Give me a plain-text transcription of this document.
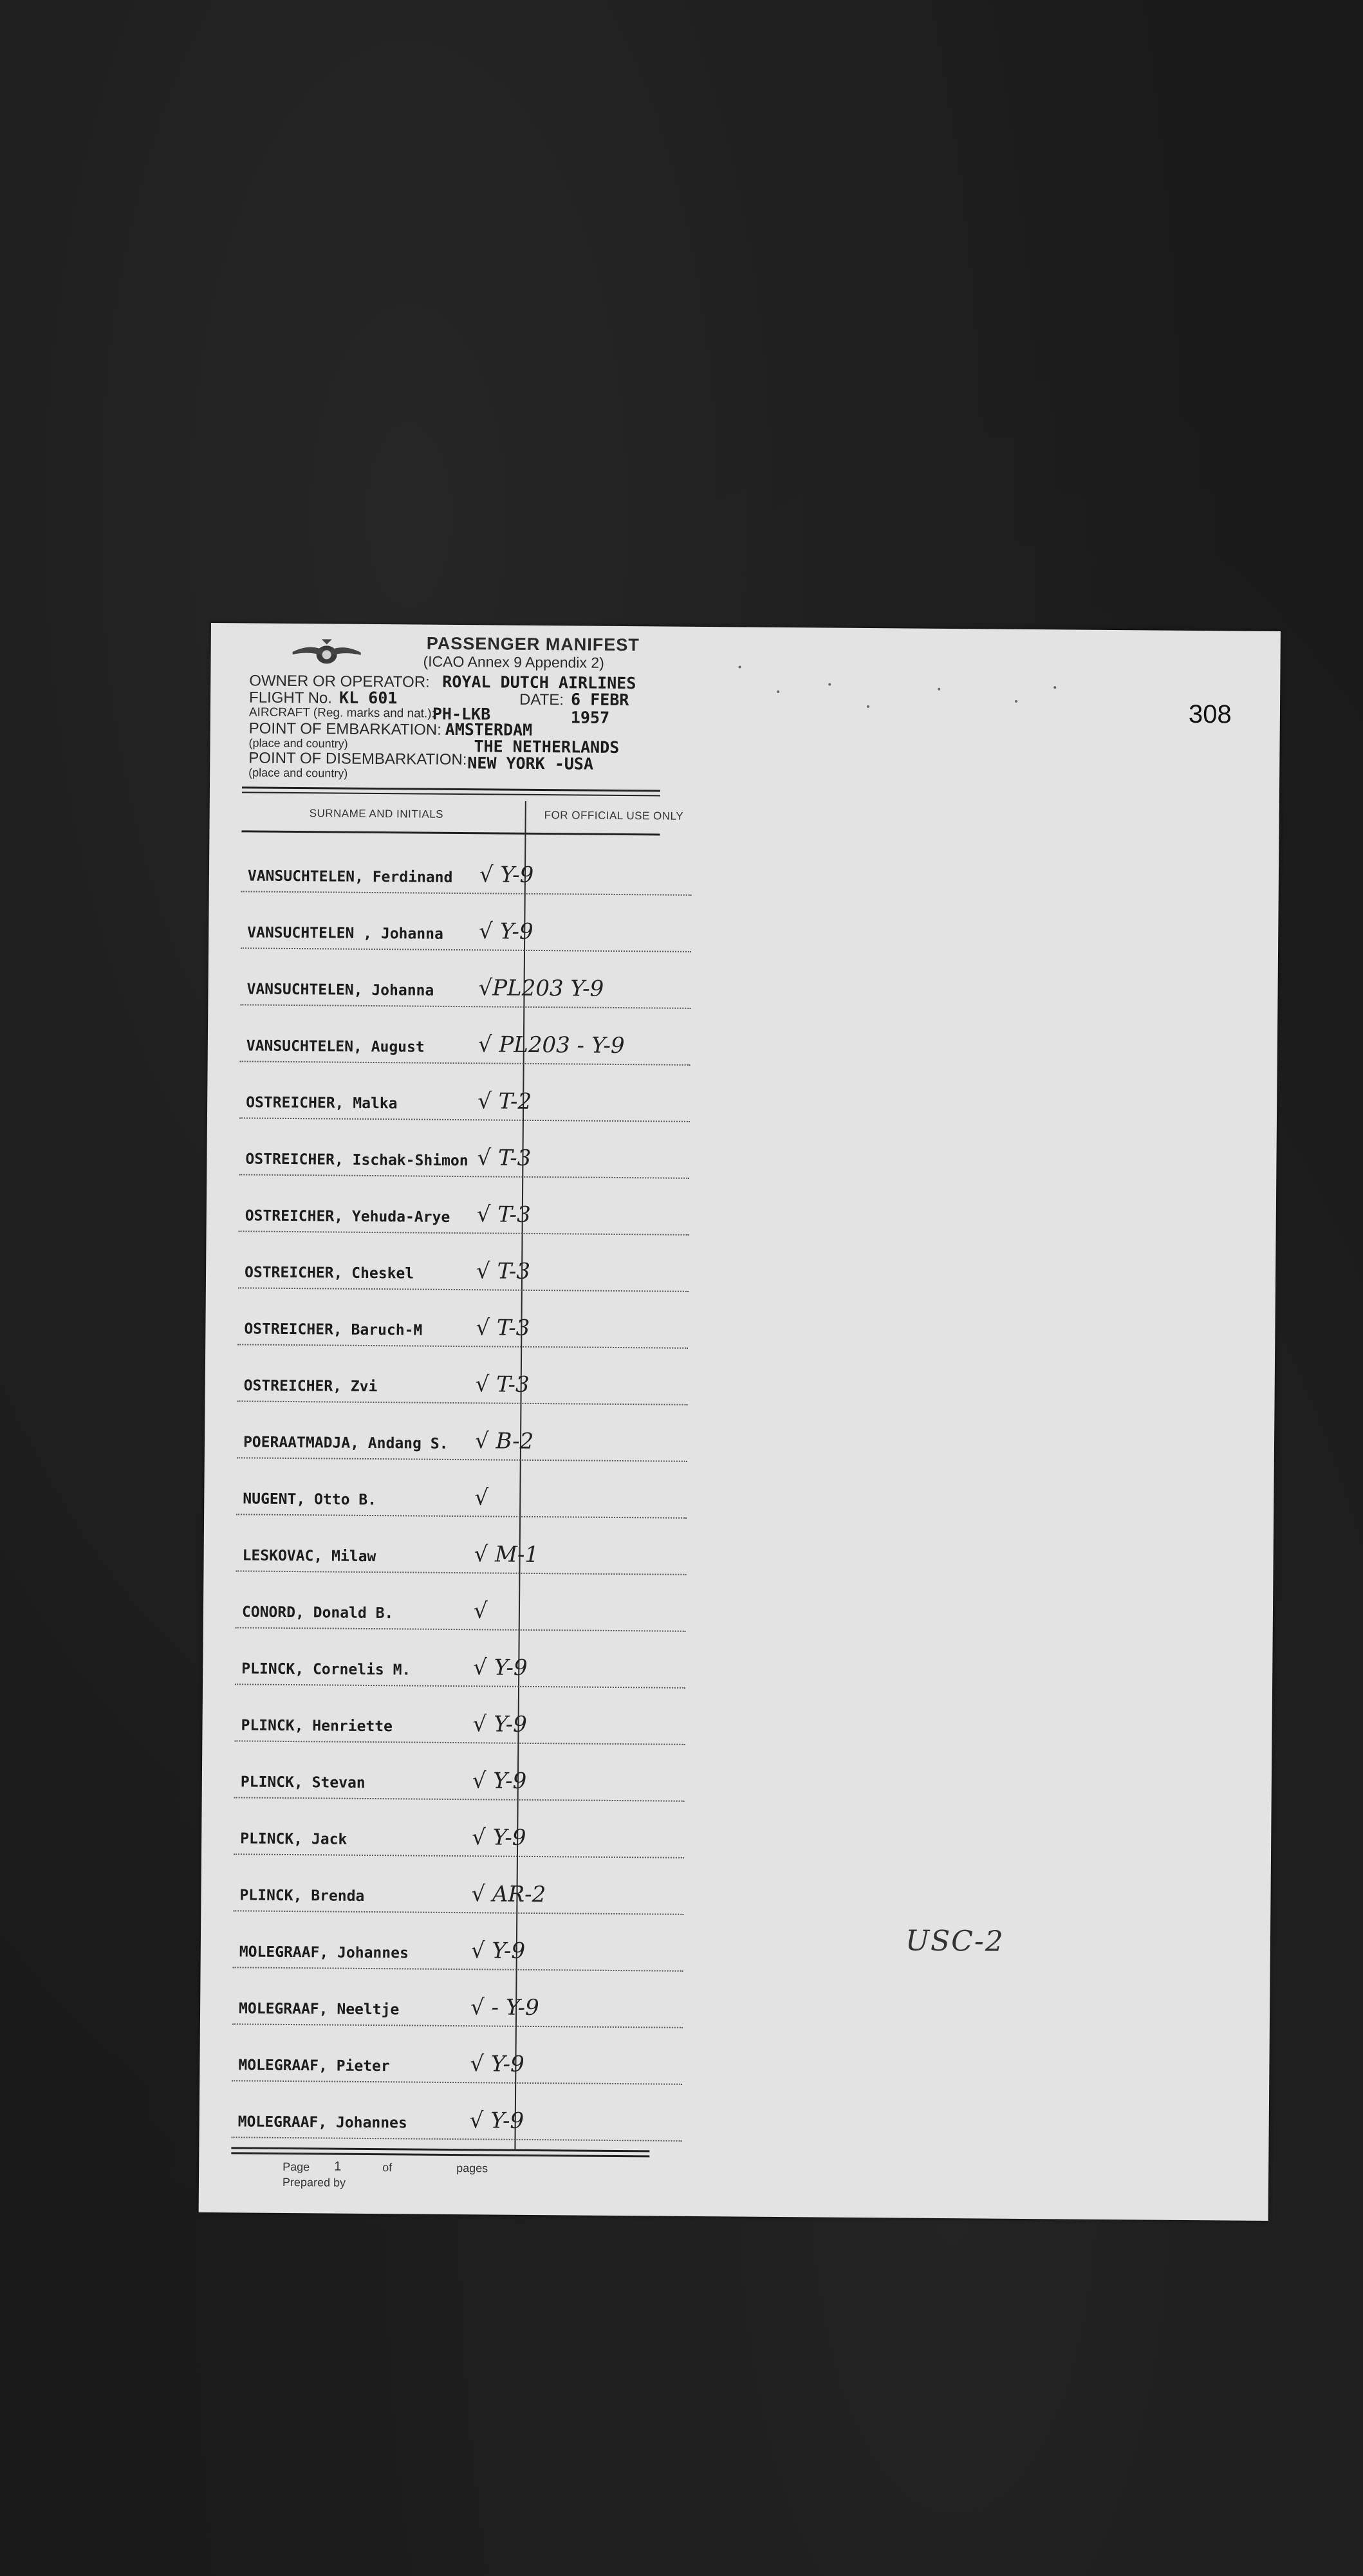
PASSENGER MANIFEST
(ICAO Annex 9 Appendix 2)
OWNER OR OPERATOR: ROYAL DUTCH AIRLINES
FLIGHT No. KL 601	DATE: 6 FEBR
AIRCRAFT (Reg. marks and nat.):
PH-LKB	1957
POINT OF EMBARKATION: AMSTERDAM
(place and country)	THE NETHERLANDS
POINT OF DISEMBARKATION:
(place and country)	NEW YORK -USA
308
SURNAME AND INITIALS	FOR OFFICIAL USE ONLY
VANSUCHTELEN, Ferdinand √ Y-9
VANSUCHTELEN , Johanna √ Y-9
VANSUCHTELEN, Johanna √PL203 Y-9
VANSUCHTELEN, August √ PL203 - Y-9
OSTREICHER, Malka	√ T-2
OSTREICHER, Ischak-Shimon √ T-3
OSTREICHER, Yehuda-Arye √ T-3
OSTREICHER, Cheskel	√ T-3
OSTREICHER, Baruch-M √ T-3
OSTREICHER, Zvi	√ T-3
POERAATMADJA, Andang S. √ B-2
NUGENT, Otto B.	√
LESKOVAC, Milaw	√ M-1
CONORD, Donald B.	√
PLINCK, Cornelis M.	√ Y-9
PLINCK, Henriette	√ Y-9
PLINCK, Stevan	√ Y-9
PLINCK, Jack	√ Y-9
PLINCK, Brenda	√ AR-2
MOLEGRAAF, Johannes	√ Y-9
MOLEGRAAF, Neeltje	√ - Y-9
MOLEGRAAF, Pieter	√ Y-9
MOLEGRAAF, Johannes	√ Y-9
Page 1	of	pages
Prepared by
USC-2
